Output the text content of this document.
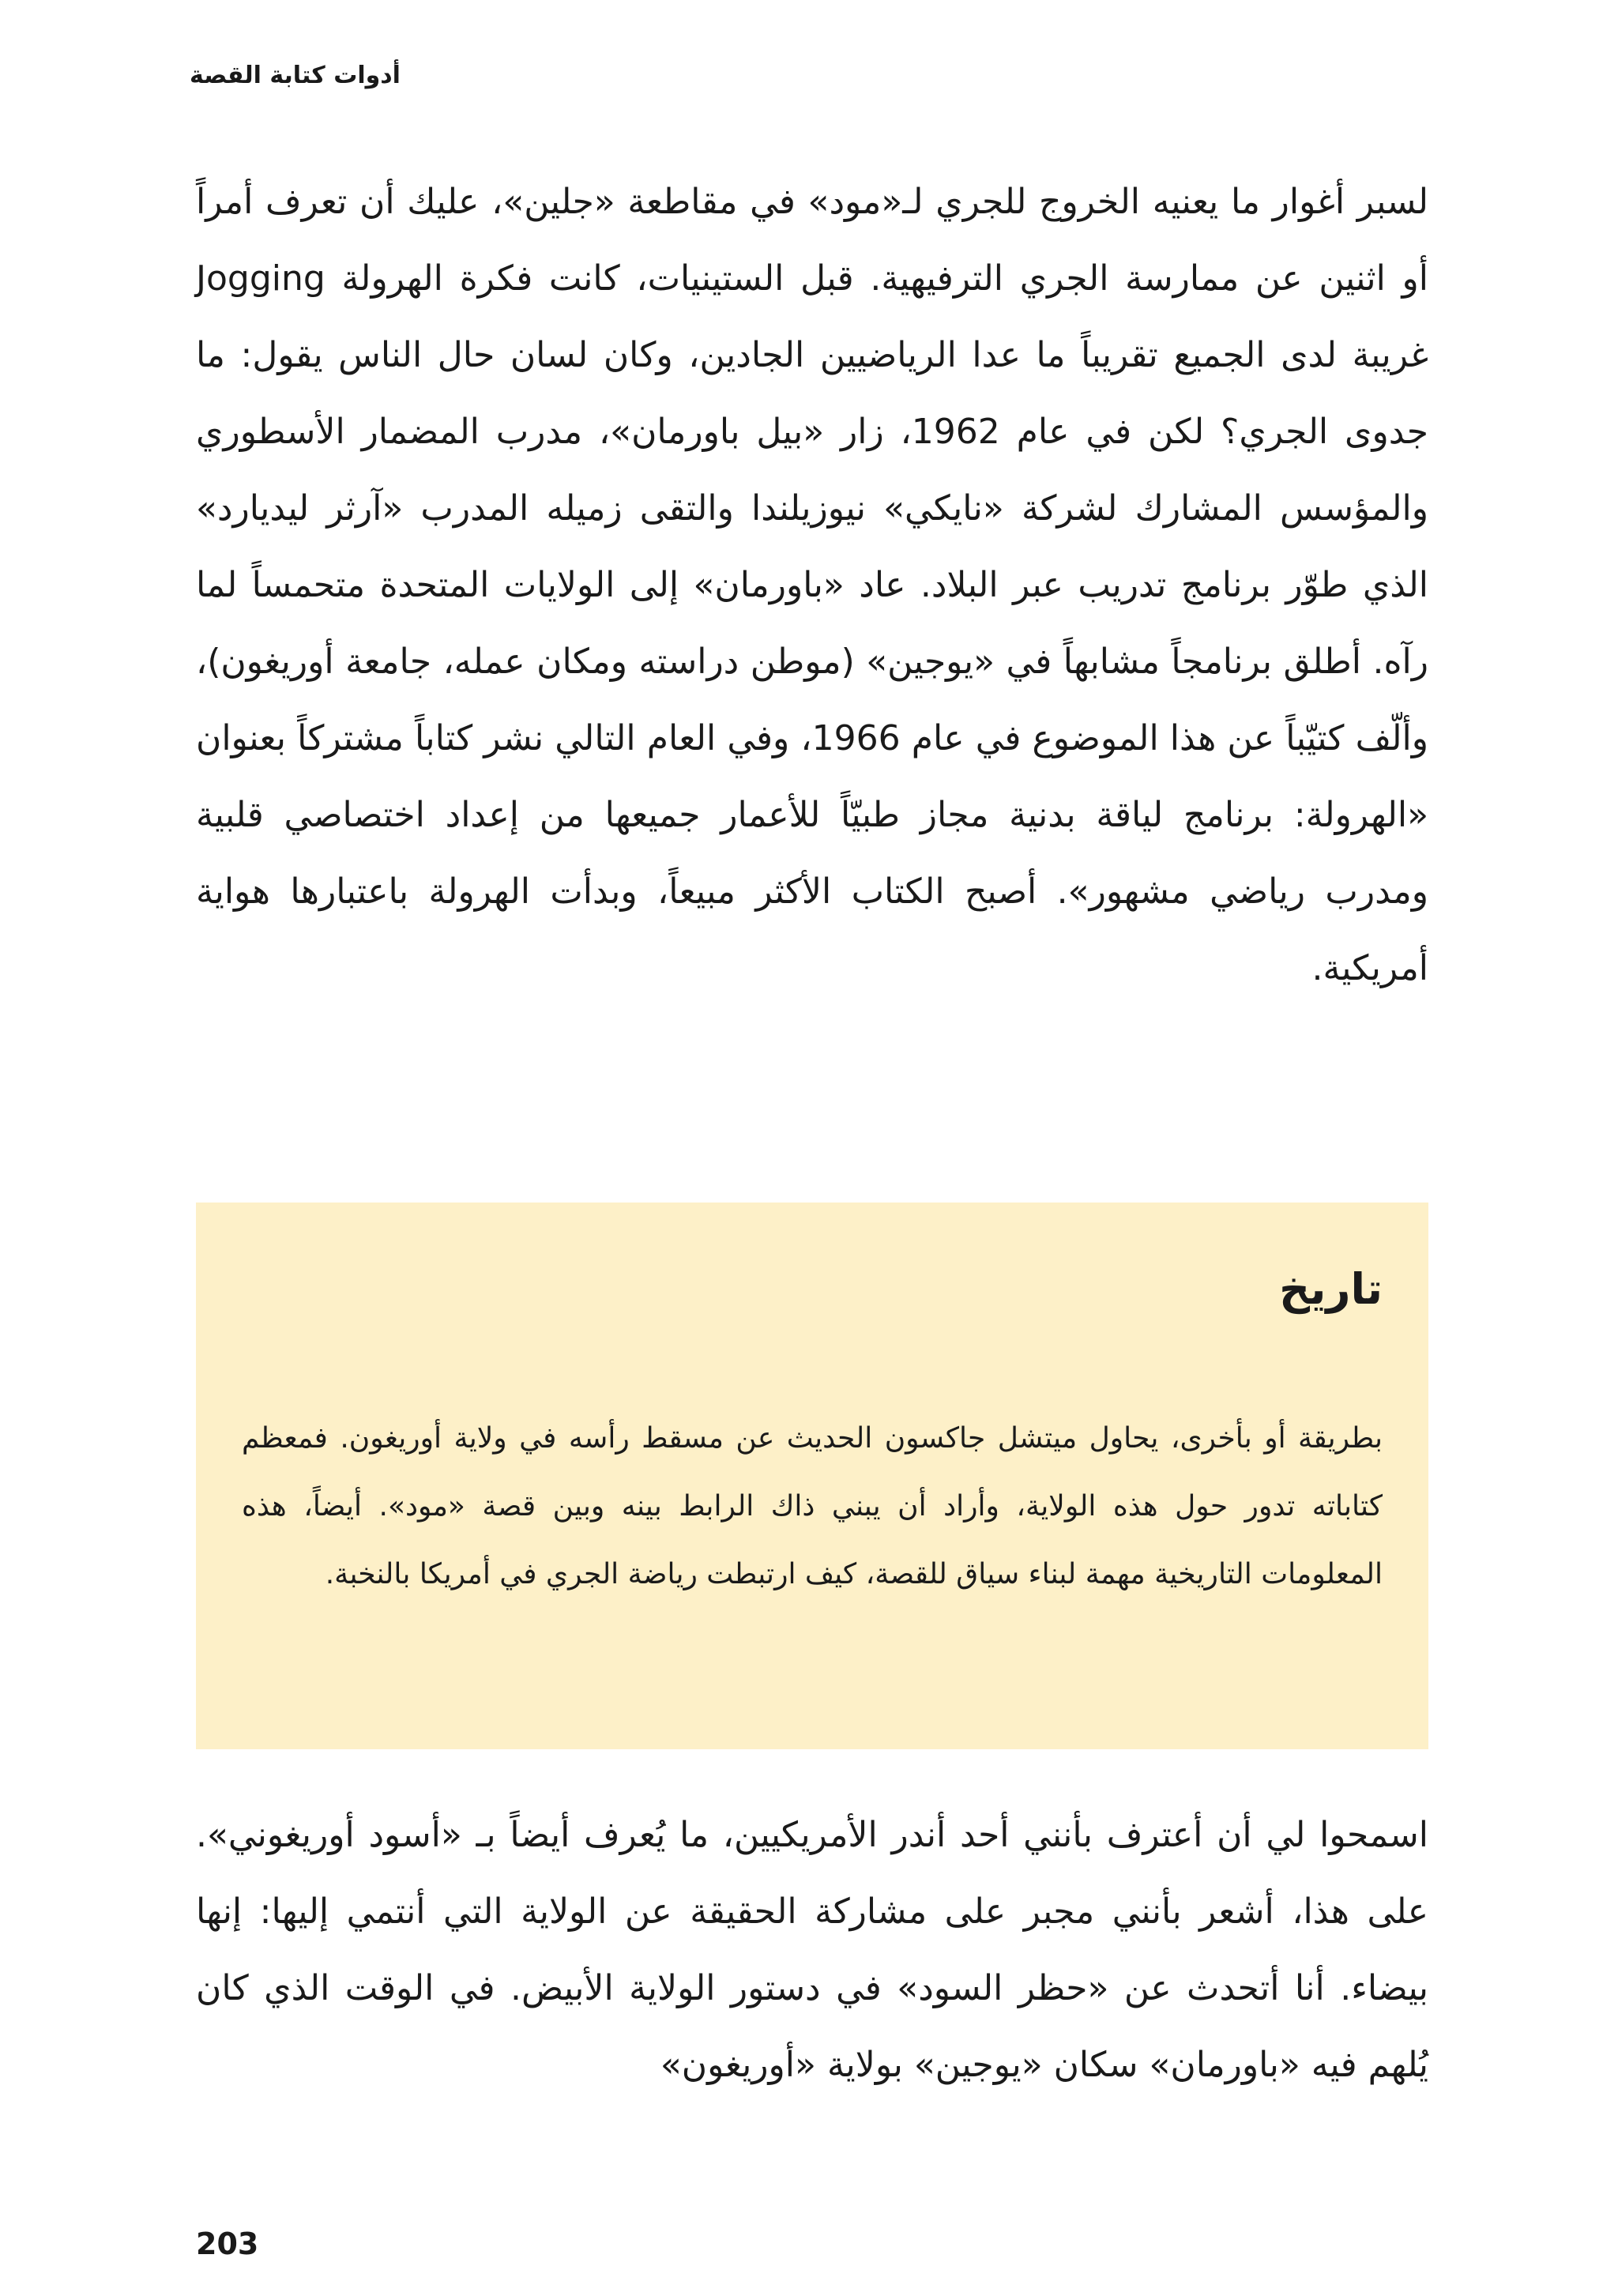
أدوات كتابة القصة

لسبر أغوار ما يعنيه الخروج للجري لـ«مود» في مقاطعة «جلين»، عليك أن تعرف أمراً أو اثنين عن ممارسة الجري الترفيهية. قبل الستينيات، كانت فكرة الهرولة Jogging غريبة لدى الجميع تقريباً ما عدا الرياضيين الجادين، وكان لسان حال الناس يقول: ما جدوى الجري؟ لكن في عام 1962، زار «بيل باورمان»، مدرب المضمار الأسطوري والمؤسس المشارك لشركة «نايكي» نيوزيلندا والتقى زميله المدرب «آرثر ليديارد» الذي طوّر برنامج تدريب عبر البلاد. عاد «باورمان» إلى الولايات المتحدة متحمساً لما رآه. أطلق برنامجاً مشابهاً في «يوجين» (موطن دراسته ومكان عمله، جامعة أوريغون)، وألّف كتيّباً عن هذا الموضوع في عام 1966، وفي العام التالي نشر كتاباً مشتركاً بعنوان «الهرولة: برنامج لياقة بدنية مجاز طبيّاً للأعمار جميعها من إعداد اختصاصي قلبية ومدرب رياضي مشهور». أصبح الكتاب الأكثر مبيعاً، وبدأت الهرولة باعتبارها هواية أمريكية.

تاريخ

بطريقة أو بأخرى، يحاول ميتشل جاكسون الحديث عن مسقط رأسه في ولاية أوريغون. فمعظم كتاباته تدور حول هذه الولاية، وأراد أن يبني ذاك الرابط بينه وبين قصة «مود». أيضاً، هذه المعلومات التاريخية مهمة لبناء سياق للقصة، كيف ارتبطت رياضة الجري في أمريكا بالنخبة.

اسمحوا لي أن أعترف بأنني أحد أندر الأمريكيين، ما يُعرف أيضاً بـ «أسود أوريغوني». على هذا، أشعر بأنني مجبر على مشاركة الحقيقة عن الولاية التي أنتمي إليها: إنها بيضاء. أنا أتحدث عن «حظر السود» في دستور الولاية الأبيض. في الوقت الذي كان يُلهم فيه «باورمان» سكان «يوجين» بولاية «أوريغون»

203
